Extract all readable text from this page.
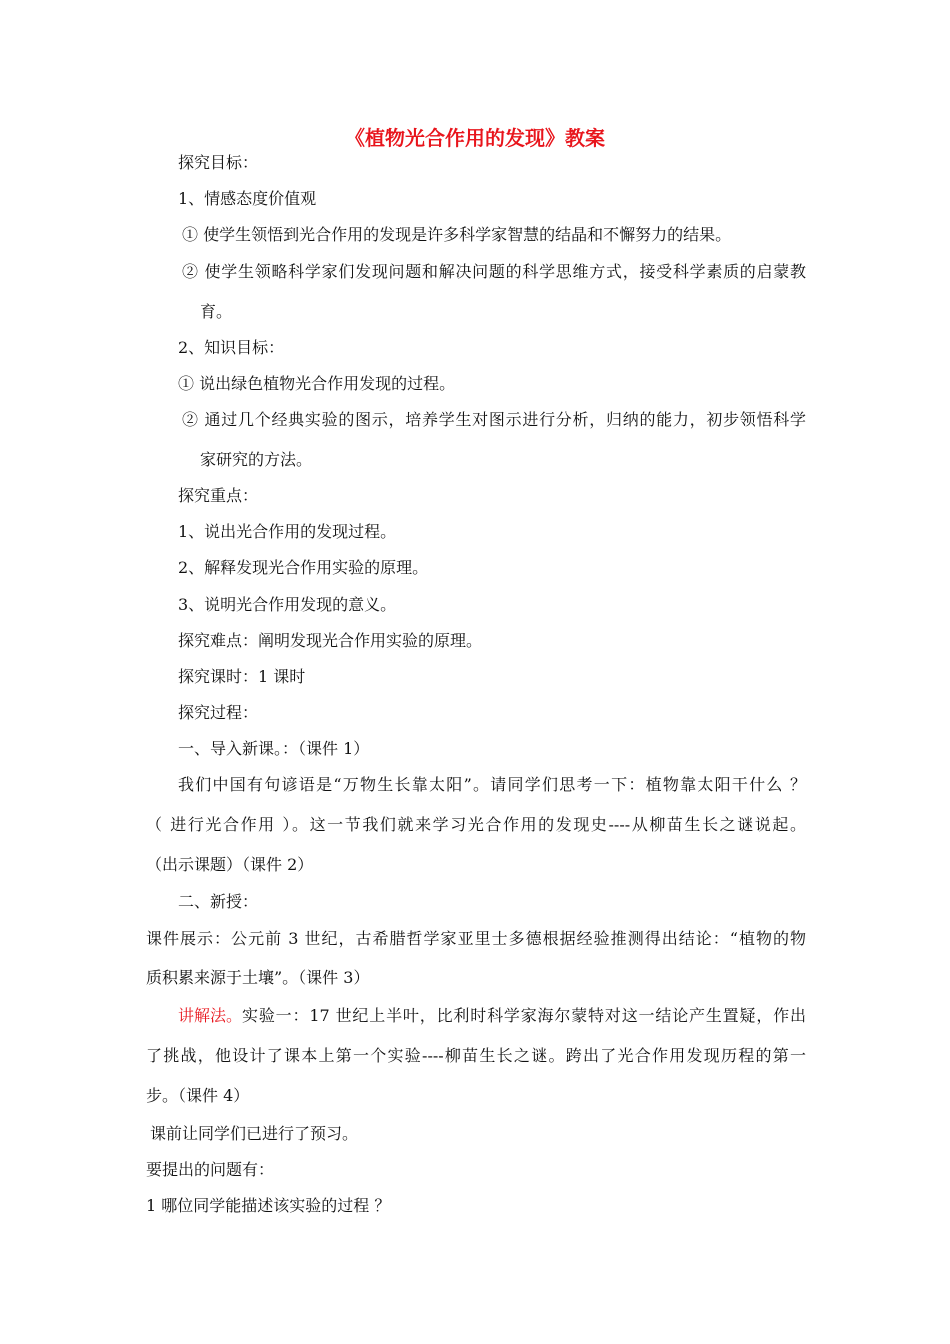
《植物光合作用的发现》教案
探究目标：
1、情感态度价值观
① 使学生领悟到光合作用的发现是许多科学家智慧的结晶和不懈努力的结果。
② 使学生领略科学家们发现问题和解决问题的科学思维方式，接受科学素质的启蒙教
育。
2、知识目标：
① 说出绿色植物光合作用发现的过程。
② 通过几个经典实验的图示，培养学生对图示进行分析，归纳的能力，初步领悟科学
家研究的方法。
探究重点：
1、说出光合作用的发现过程。
2、解释发现光合作用实验的原理。
3、说明光合作用发现的意义。
探究难点：阐明发现光合作用实验的原理。
探究课时：1 课时
探究过程：
一、导入新课。：（课件 1）
我们中国有句谚语是“万物生长靠太阳”。请同学们思考一下：植物靠太阳干什么 ？
（ 进行光合作用 ）。这一节我们就来学习光合作用的发现史----从柳苗生长之谜说起。
（出示课题）（课件 2）
二、新授：
课件展示：公元前 3 世纪，古希腊哲学家亚里士多德根据经验推测得出结论：“植物的物
质积累来源于土壤”。（课件 3）
讲解法。 实验一：17 世纪上半叶，比利时科学家海尔蒙特对这一结论产生置疑，作出
了挑战，他设计了课本上第一个实验----柳苗生长之谜。跨出了光合作用发现历程的第一
步。（课件 4）
课前让同学们已进行了预习。
要提出的问题有：
1 哪位同学能描述该实验的过程 ？
